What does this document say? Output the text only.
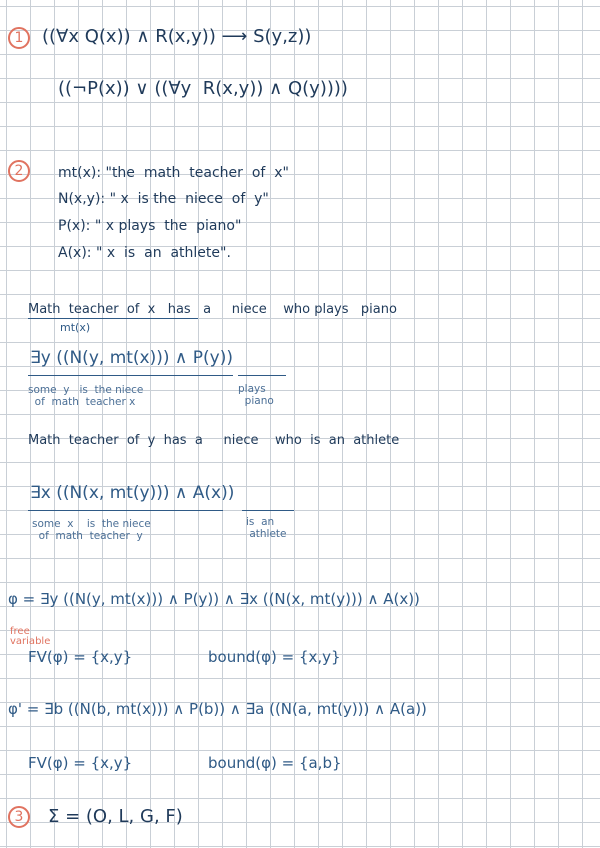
1 ((∀x Q(x)) ∧ R(x,y)) ⟶ S(y,z))
((¬P(x)) ∨ ((∀y  R(x,y)) ∧ Q(y))))
2 mt(x): "the  math  teacher  of  x"
N(x,y): " x  is the  niece  of  y"
P(x): " x plays  the  piano"
A(x): " x  is  an  athlete".
Math  teacher  of  x   has   a     niece    who plays   piano
mt(x)
∃y ((N(y, mt(x))) ∧ P(y))
some  y   is  the niece
of  math  teacher x
plays
piano
Math  teacher  of  y  has  a     niece    who  is  an  athlete
∃x ((N(x, mt(y))) ∧ A(x))
some  x    is  the niece
of  math  teacher  y
is  an
athlete
φ = ∃y ((N(y, mt(x))) ∧ P(y)) ∧ ∃x ((N(x, mt(y))) ∧ A(x))
free
variable
FV(φ) = {x,y}	bound(φ) = {x,y}
φ' = ∃b ((N(b, mt(x))) ∧ P(b)) ∧ ∃a ((N(a, mt(y))) ∧ A(a))
FV(φ) = {x,y}	bound(φ) = {a,b}
3 Σ = (O, L, G, F)
